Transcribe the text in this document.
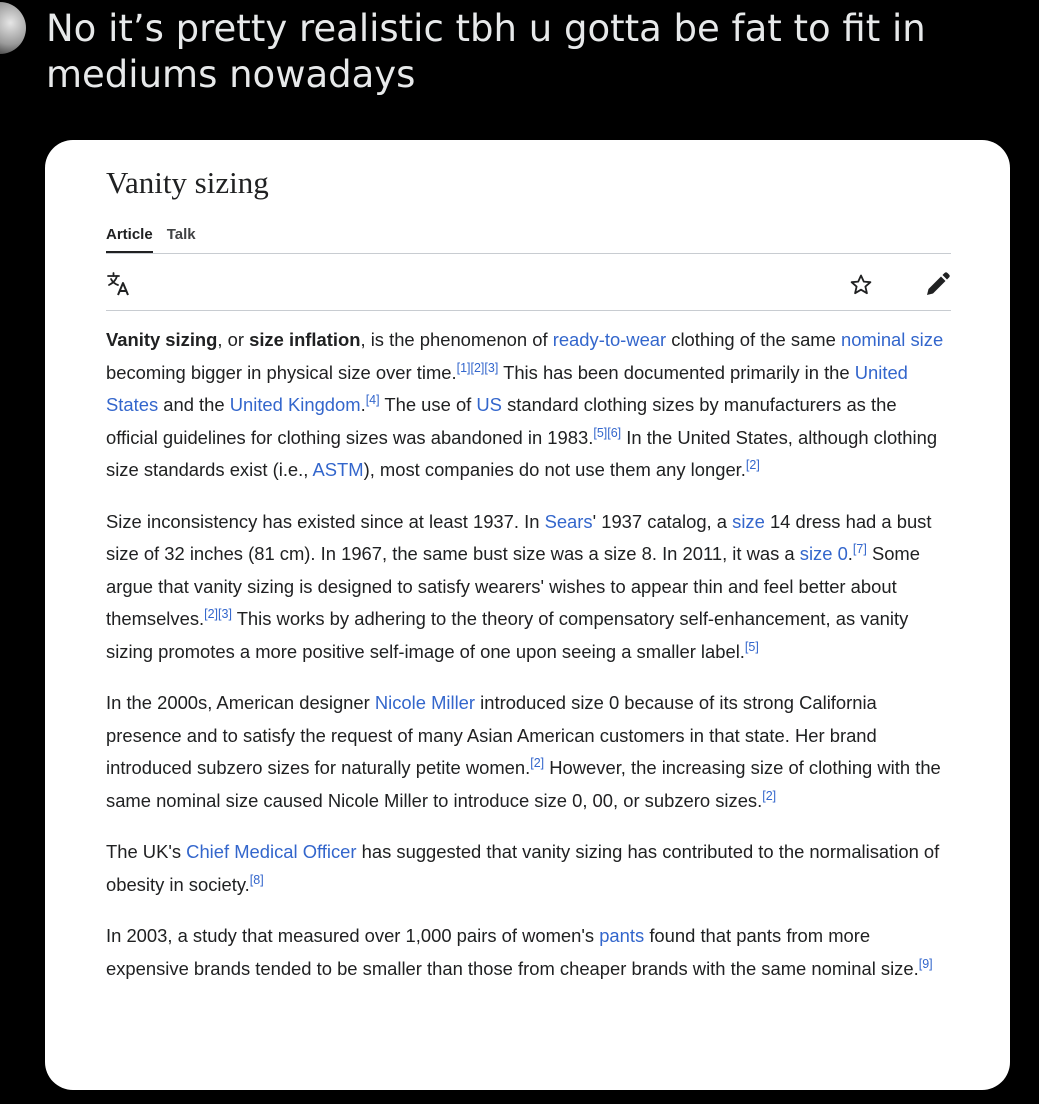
No it’s pretty realistic tbh u gotta be fat to fit in mediums nowadays

Vanity sizing
Article Talk

Vanity sizing, or size inflation, is the phenomenon of ready-to-wear clothing of the same nominal size becoming bigger in physical size over time.[1][2][3] This has been documented primarily in the United States and the United Kingdom.[4] The use of US standard clothing sizes by manufacturers as the official guidelines for clothing sizes was abandoned in 1983.[5][6] In the United States, although clothing size standards exist (i.e., ASTM), most companies do not use them any longer.[2]

Size inconsistency has existed since at least 1937. In Sears' 1937 catalog, a size 14 dress had a bust size of 32 inches (81 cm). In 1967, the same bust size was a size 8. In 2011, it was a size 0.[7] Some argue that vanity sizing is designed to satisfy wearers' wishes to appear thin and feel better about themselves.[2][3] This works by adhering to the theory of compensatory self-enhancement, as vanity sizing promotes a more positive self-image of one upon seeing a smaller label.[5]

In the 2000s, American designer Nicole Miller introduced size 0 because of its strong California presence and to satisfy the request of many Asian American customers in that state. Her brand introduced subzero sizes for naturally petite women.[2] However, the increasing size of clothing with the same nominal size caused Nicole Miller to introduce size 0, 00, or subzero sizes.[2]

The UK's Chief Medical Officer has suggested that vanity sizing has contributed to the normalisation of obesity in society.[8]

In 2003, a study that measured over 1,000 pairs of women's pants found that pants from more expensive brands tended to be smaller than those from cheaper brands with the same nominal size.[9]
